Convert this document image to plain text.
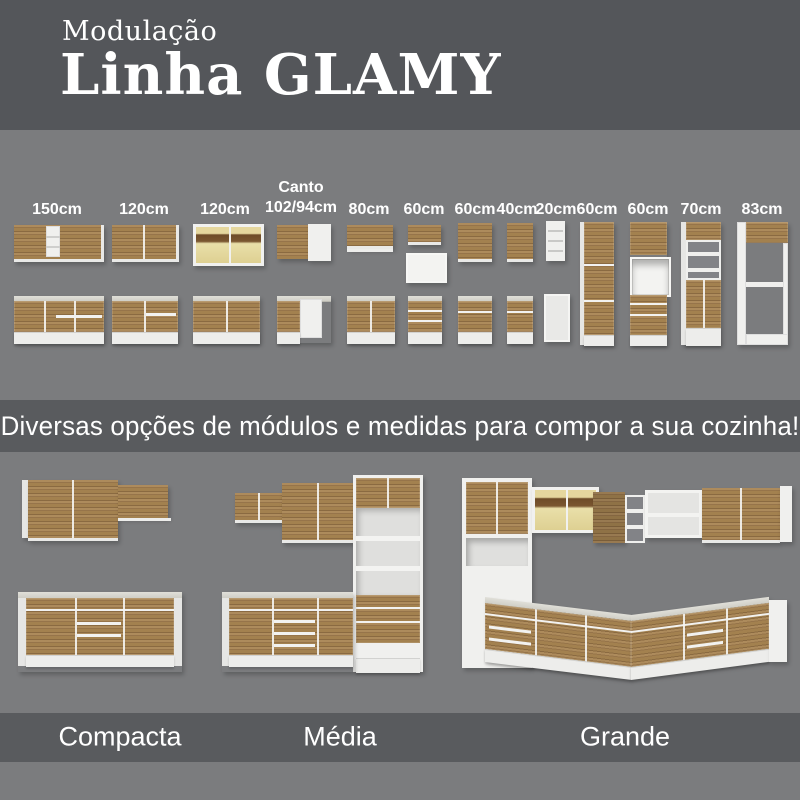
Modulação
Linha GLAMY
150cm 120cm 120cm
Canto
102/94cm 80cm 60cm 60cm 40cm
20cm 60cm 60cm 70cm 83cm
Diversas opções de módulos e medidas para compor a sua cozinha!
Compacta	Média	Grande
